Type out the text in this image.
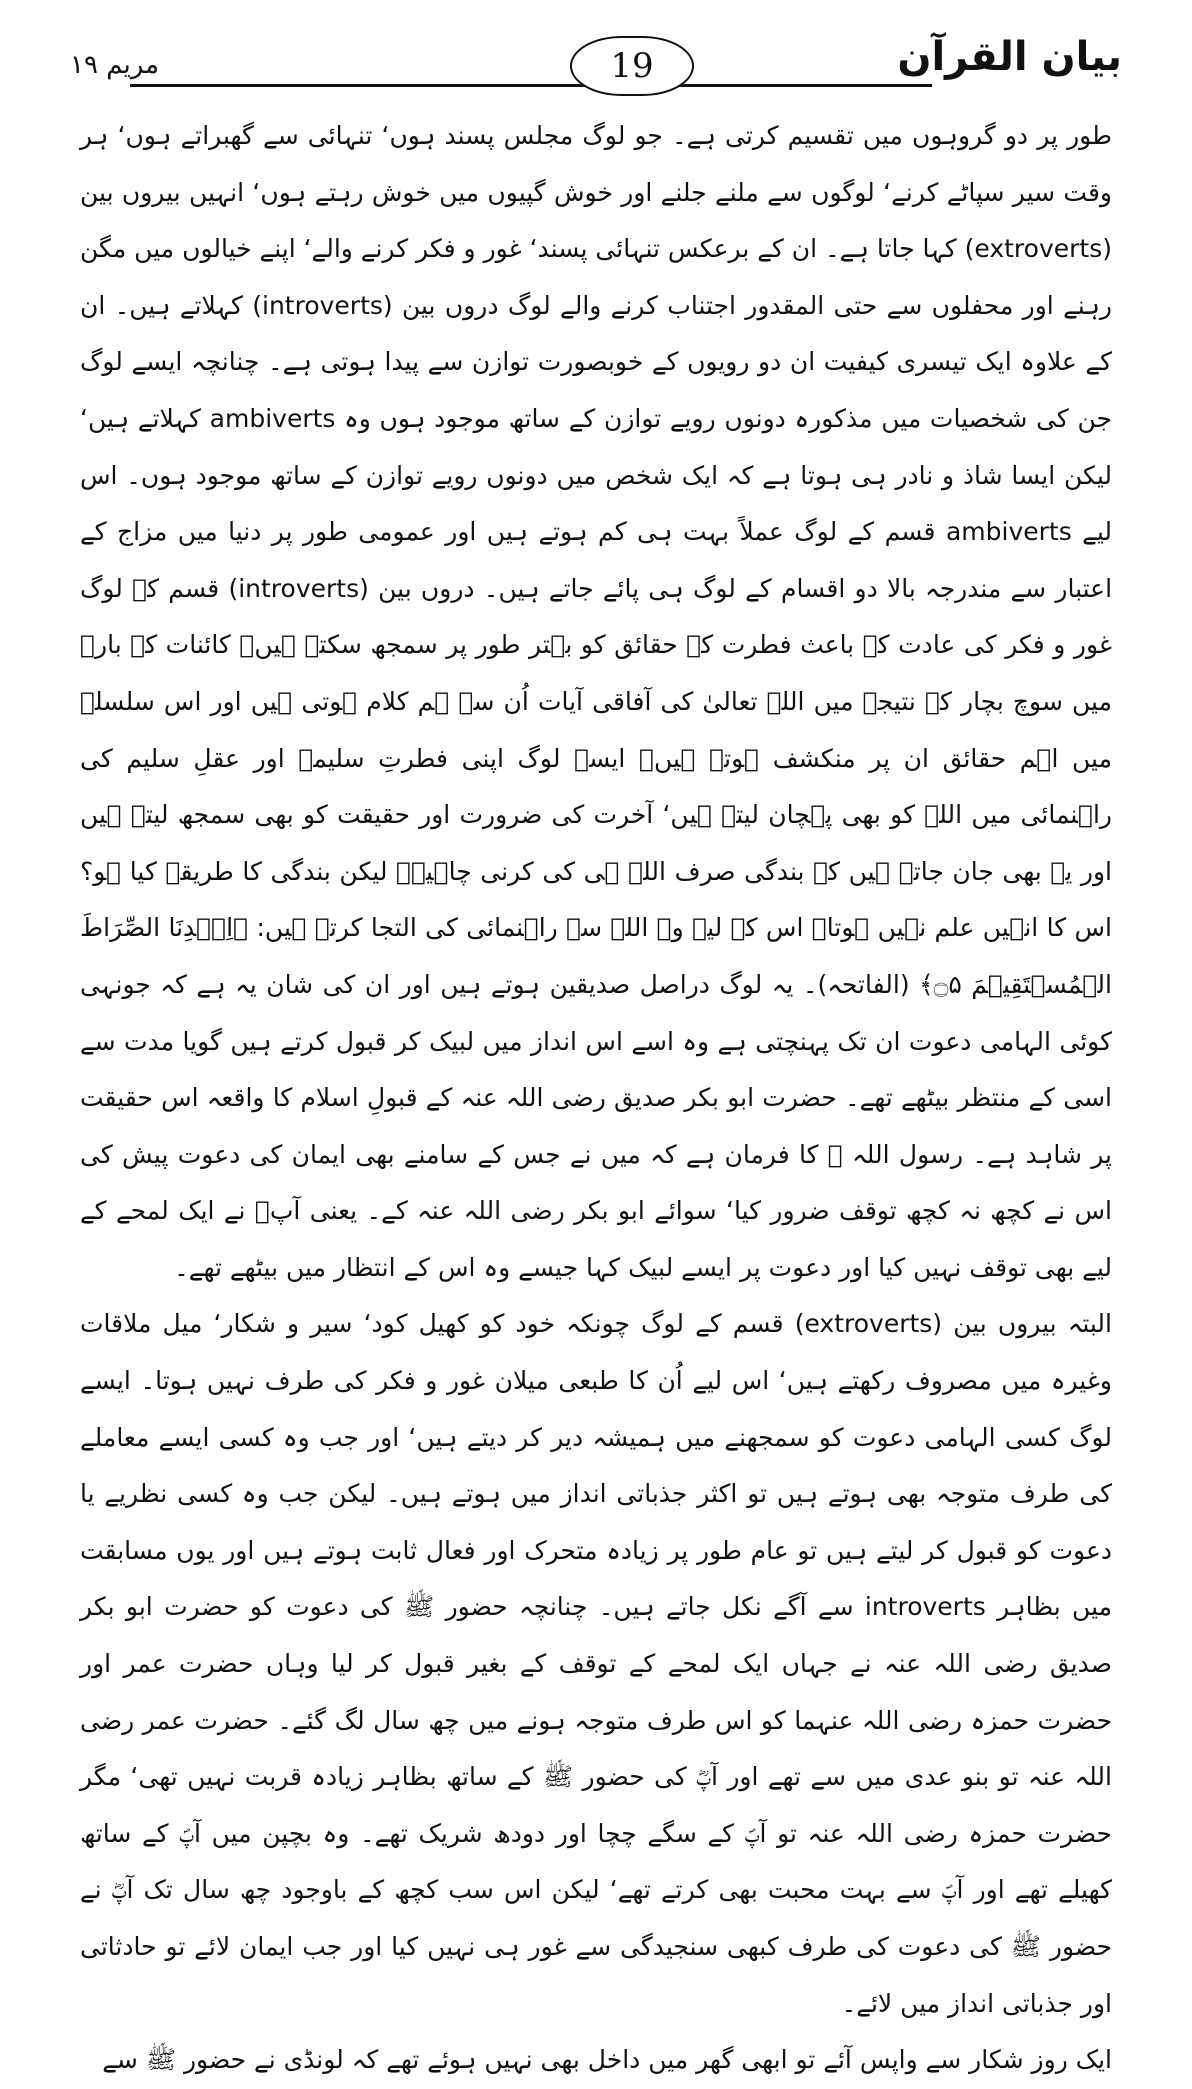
بیان القرآن
مریم ١٩	19

طور پر دو گروہوں میں تقسیم کرتی ہے۔ جو لوگ مجلس پسند ہوں‘ تنہائی سے گھبراتے ہوں‘ ہر وقت سیر سپاٹے کرنے‘ لوگوں سے ملنے جلنے اور خوش گپیوں میں خوش رہتے ہوں‘ انہیں بیروں بین (extroverts) کہا جاتا ہے۔ ان کے برعکس تنہائی پسند‘ غور و فکر کرنے والے‘ اپنے خیالوں میں مگن رہنے اور محفلوں سے حتی المقدور اجتناب کرنے والے لوگ دروں بین (introverts) کہلاتے ہیں۔ ان کے علاوہ ایک تیسری کیفیت ان دو رویوں کے خوبصورت توازن سے پیدا ہوتی ہے۔ چنانچہ ایسے لوگ جن کی شخصیات میں مذکورہ دونوں رویے توازن کے ساتھ موجود ہوں وہ ambiverts کہلاتے ہیں‘ لیکن ایسا شاذ و نادر ہی ہوتا ہے کہ ایک شخص میں دونوں رویے توازن کے ساتھ موجود ہوں۔ اس لیے ambiverts قسم کے لوگ عملاً بہت ہی کم ہوتے ہیں اور عمومی طور پر دنیا میں مزاج کے اعتبار سے مندرجہ بالا دو اقسام کے لوگ ہی پائے جاتے ہیں۔ دروں بین (introverts) قسم کے لوگ غور و فکر کی عادت کے باعث فطرت کے حقائق کو بہتر طور پر سمجھ سکتے ہیں۔ کائنات کے بارے میں سوچ بچار کے نتیجے میں اللہ تعالیٰ کی آفاقی آیات اُن سے ہم کلام ہوتی ہیں اور اس سلسلے میں اہم حقائق ان پر منکشف ہوتے ہیں۔ ایسے لوگ اپنی فطرتِ سلیمہ اور عقلِ سلیم کی راہنمائی میں اللہ کو بھی پہچان لیتے ہیں‘ آخرت کی ضرورت اور حقیقت کو بھی سمجھ لیتے ہیں اور یہ بھی جان جاتے ہیں کہ بندگی صرف اللہ ہی کی کرنی چاہیے۔ لیکن بندگی کا طریقہ کیا ہو؟ اس کا انہیں علم نہیں ہوتا۔ اس کے لیے وہ اللہ سے راہنمائی کی التجا کرتے ہیں: ﴿اِہۡدِنَا الصِّرَاطَ الۡمُسۡتَقِیۡمَ ۝۵﴾ (الفاتحہ)۔ یہ لوگ دراصل صدیقین ہوتے ہیں اور ان کی شان یہ ہے کہ جونہی کوئی الہامی دعوت ان تک پہنچتی ہے وہ اسے اس انداز میں لبیک کر قبول کرتے ہیں گویا مدت سے اسی کے منتظر بیٹھے تھے۔ حضرت ابو بکر صدیق رضی اللہ عنہ کے قبولِ اسلام کا واقعہ اس حقیقت پر شاہد ہے۔ رسول اللہ ﷺ کا فرمان ہے کہ میں نے جس کے سامنے بھی ایمان کی دعوت پیش کی اس نے کچھ نہ کچھ توقف ضرور کیا‘ سوائے ابو بکر رضی اللہ عنہ کے۔ یعنی آپؓ نے ایک لمحے کے لیے بھی توقف نہیں کیا اور دعوت پر ایسے لبیک کہا جیسے وہ اس کے انتظار میں بیٹھے تھے۔

البتہ بیروں بین (extroverts) قسم کے لوگ چونکہ خود کو کھیل کود‘ سیر و شکار‘ میل ملاقات وغیرہ میں مصروف رکھتے ہیں‘ اس لیے اُن کا طبعی میلان غور و فکر کی طرف نہیں ہوتا۔ ایسے لوگ کسی الہامی دعوت کو سمجھنے میں ہمیشہ دیر کر دیتے ہیں‘ اور جب وہ کسی ایسے معاملے کی طرف متوجہ بھی ہوتے ہیں تو اکثر جذباتی انداز میں ہوتے ہیں۔ لیکن جب وہ کسی نظریے یا دعوت کو قبول کر لیتے ہیں تو عام طور پر زیادہ متحرک اور فعال ثابت ہوتے ہیں اور یوں مسابقت میں بظاہر introverts سے آگے نکل جاتے ہیں۔ چنانچہ حضور ﷺ کی دعوت کو حضرت ابو بکر صدیق رضی اللہ عنہ نے جہاں ایک لمحے کے توقف کے بغیر قبول کر لیا وہاں حضرت عمر اور حضرت حمزہ رضی اللہ عنہما کو اس طرف متوجہ ہونے میں چھ سال لگ گئے۔ حضرت عمر رضی اللہ عنہ تو بنو عدی میں سے تھے اور آپؓ کی حضور ﷺ کے ساتھ بظاہر زیادہ قربت نہیں تھی‘ مگر حضرت حمزہ رضی اللہ عنہ تو آپؐ کے سگے چچا اور دودھ شریک تھے۔ وہ بچپن میں آپؐ کے ساتھ کھیلے تھے اور آپؐ سے بہت محبت بھی کرتے تھے‘ لیکن اس سب کچھ کے باوجود چھ سال تک آپؓ نے حضور ﷺ کی دعوت کی طرف کبھی سنجیدگی سے غور ہی نہیں کیا اور جب ایمان لائے تو حادثاتی اور جذباتی انداز میں لائے۔

ایک روز شکار سے واپس آئے تو ابھی گھر میں داخل بھی نہیں ہوئے تھے کہ لونڈی نے حضور ﷺ سے
